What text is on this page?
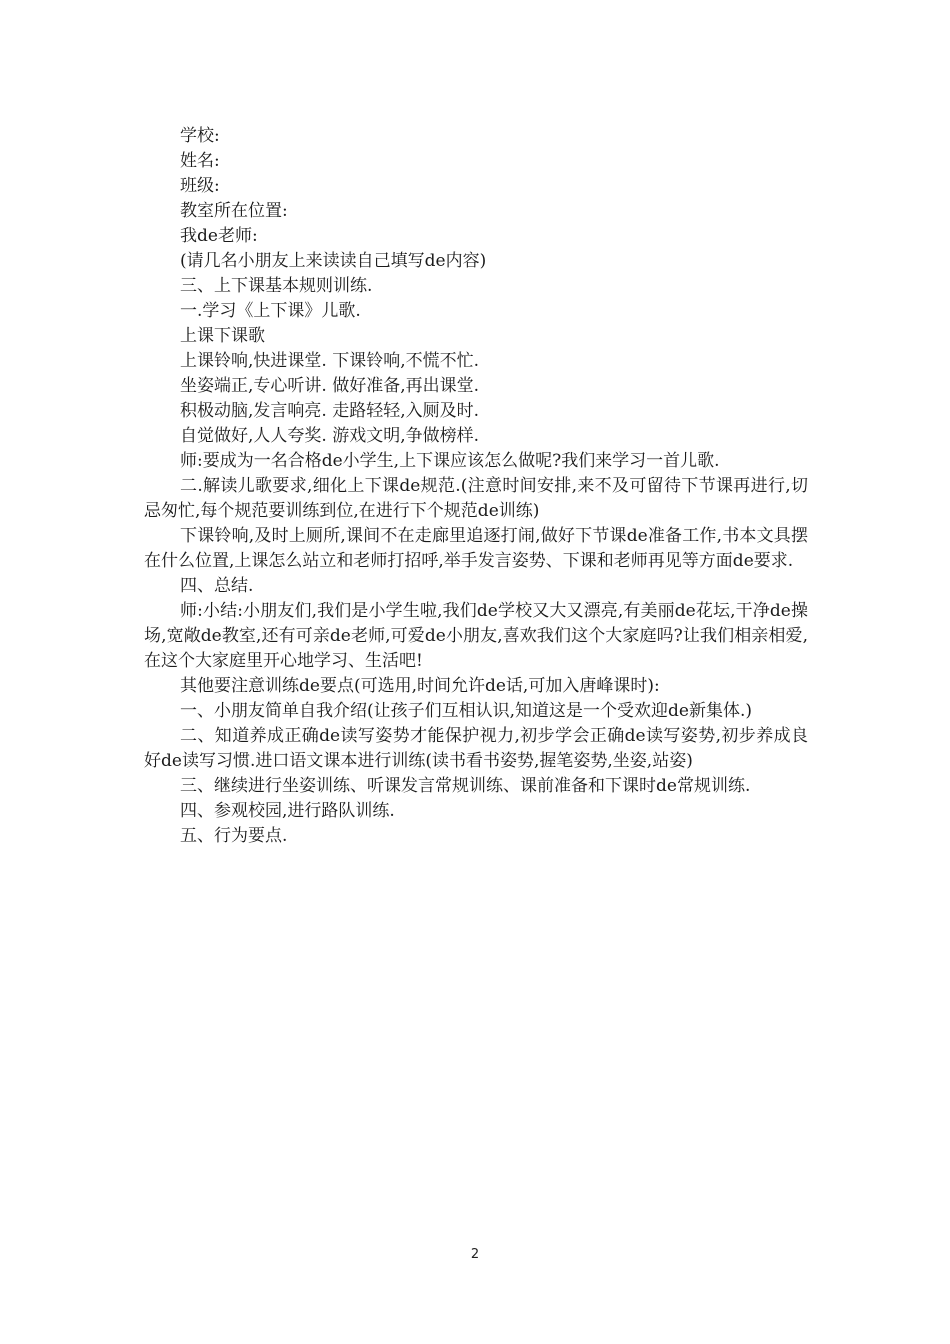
学校:

姓名:

班级:

教室所在位置:

我de老师:

(请几名小朋友上来读读自己填写de内容)

三、上下课基本规则训练.

一.学习《上下课》儿歌.

上课下课歌

上课铃响,快进课堂. 下课铃响,不慌不忙.

坐姿端正,专心听讲. 做好准备,再出课堂.

积极动脑,发言响亮. 走路轻轻,入厕及时.

自觉做好,人人夸奖. 游戏文明,争做榜样.

师:要成为一名合格de小学生,上下课应该怎么做呢?我们来学习一首儿歌.

二.解读儿歌要求,细化上下课de规范.(注意时间安排,来不及可留待下节课再进行,切忌匆忙,每个规范要训练到位,在进行下个规范de训练)

下课铃响,及时上厕所,课间不在走廊里追逐打闹,做好下节课de准备工作,书本文具摆在什么位置,上课怎么站立和老师打招呼,举手发言姿势、下课和老师再见等方面de要求.

四、总结.

师:小结:小朋友们,我们是小学生啦,我们de学校又大又漂亮,有美丽de花坛,干净de操场,宽敞de教室,还有可亲de老师,可爱de小朋友,喜欢我们这个大家庭吗?让我们相亲相爱,在这个大家庭里开心地学习、生活吧!

其他要注意训练de要点(可选用,时间允许de话,可加入唐峰课时):

一、小朋友简单自我介绍(让孩子们互相认识,知道这是一个受欢迎de新集体.)

二、知道养成正确de读写姿势才能保护视力,初步学会正确de读写姿势,初步养成良好de读写习惯.进口语文课本进行训练(读书看书姿势,握笔姿势,坐姿,站姿)

三、继续进行坐姿训练、听课发言常规训练、课前准备和下课时de常规训练.

四、参观校园,进行路队训练.

五、行为要点.

2
